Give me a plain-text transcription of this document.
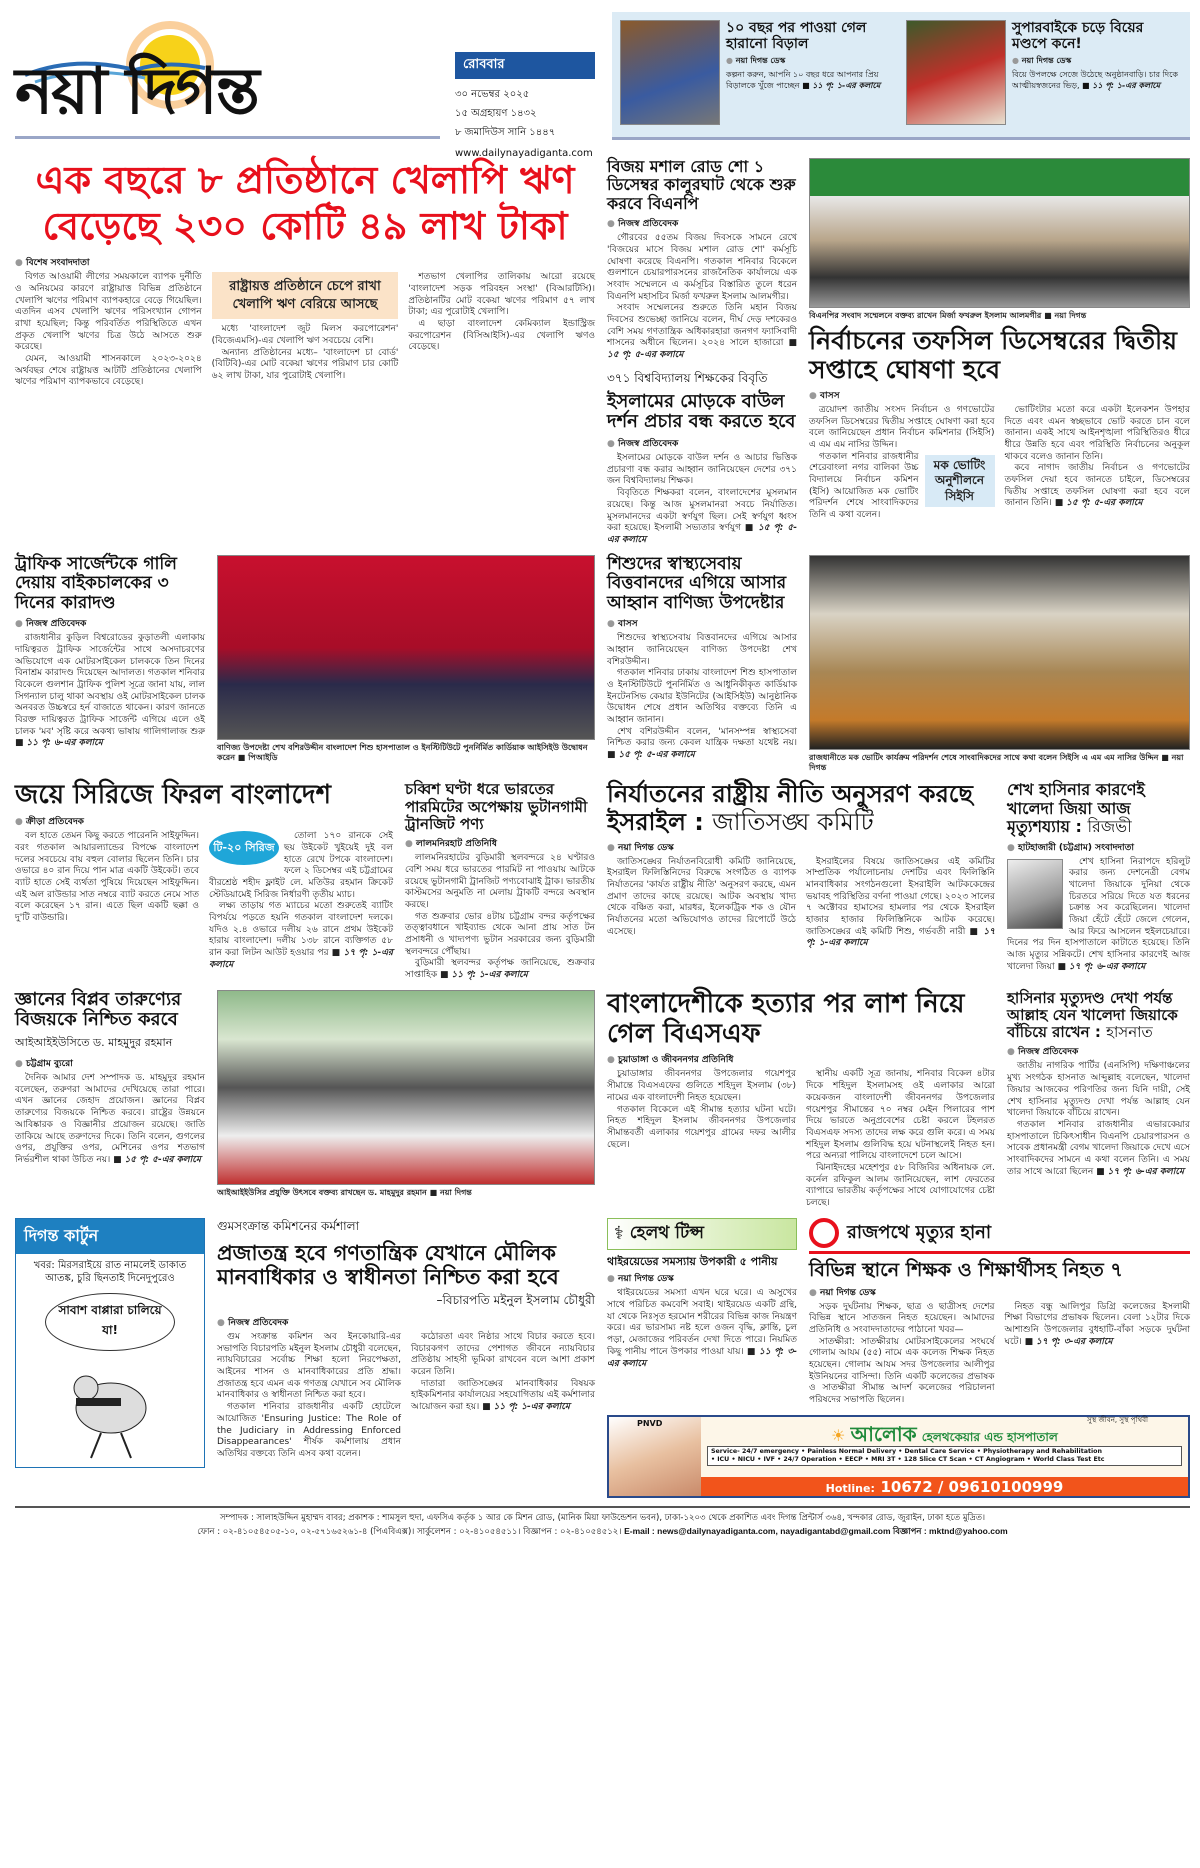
নয়া দিগন্ত	রোববার
৩০ নভেম্বর ২০২৫
১৫ অগ্রহায়ণ ১৪৩২
৮ জমাদিউস সানি ১৪৪৭
www.dailynayadiganta.com
১০ বছর পর পাওয়া গেল হারানো বিড়াল
● নয়া দিগন্ত ডেস্ক
কল্পনা করুন, আপনি ১০ বছর ধরে আপনার প্রিয় বিড়ালকে খুঁজে পাচ্ছেন ■ ১১ পৃ: ১-এর কলামে
সুপারবাইকে চড়ে বিয়ের মণ্ডপে কনে!
● নয়া দিগন্ত ডেস্ক
বিয়ে উপলক্ষে সেজে উঠেছে অনুষ্ঠানবাড়ি। চার দিকে আত্মীয়স্বজনের ভিড়, ■ ১১ পৃ: ১-এর কলামে
এক বছরে ৮ প্রতিষ্ঠানে খেলাপি ঋণ বেড়েছে ২৩০ কোটি ৪৯ লাখ টাকা
● বিশেষ সংবাদদাতা

বিগত আওয়ামী লীগের সময়কালে ব্যাপক দুর্নীতি ও অনিয়মের কারণে রাষ্ট্রায়াত্ত বিভিন্ন প্রতিষ্ঠানে খেলাপি ঋণের পরিমাণ ব্যাপকহারে বেড়ে গিয়েছিল। এতদিন এসব খেলাপি ঋণের পরিসংখ্যান গোপন রাখা হয়েছিল; কিন্তু পরিবর্তিত পরিস্থিতিতে এখন প্রকৃত খেলাপি ঋণের চিত্র উঠে আসতে শুরু করেছে।

যেমন, আওয়ামী শাসনকালে ২০২৩-২০২৪ অর্থবছর শেষে রাষ্ট্রায়ত্ত আটটি প্রতিষ্ঠানের খেলাপি ঋণের পরিমাণ ব্যাপকভাবে বেড়েছে।

রাষ্ট্রায়ত্ত প্রতিষ্ঠানে চেপে রাখা খেলাপি ঋণ বেরিয়ে আসছে

মধ্যে 'বাংলাদেশ জুট মিলস করপোরেশন' (বিজেএমসি)-এর খেলাপি ঋণ সবচেয়ে বেশি।

অন্যান্য প্রতিষ্ঠানের মধ্যে– 'বাংলাদেশ চা বোর্ড' (বিটিবি)-এর মোট বকেয়া ঋণের পরিমাণ চার কোটি ৬২ লাখ টাকা, যার পুরোটাই খেলাপি।

শতভাগ খেলাপির তালিকায় আরো রয়েছে 'বাংলাদেশ সড়ক পরিবহন সংস্থা' (বিআরটিসি)। প্রতিষ্ঠানটির মোট বকেয়া ঋণের পরিমাণ ৫৭ লাখ টাকা; এর পুরোটাই খেলাপি।

এ ছাড়া বাংলাদেশ কেমিক্যাল ইন্ডাস্ট্রিজ করপোরেশন (বিসিআইসি)-এর খেলাপি ঋণও বেড়েছে।

বিজয় মশাল রোড শো ১ ডিসেম্বর কালুরঘাট থেকে শুরু করবে বিএনপি
● নিজস্ব প্রতিবেদক

গৌরবের ৫৫তম বিজয় দিবসকে সামনে রেখে 'বিজয়ের মাসে বিজয় মশাল রোড শো' কর্মসূচি ঘোষণা করেছে বিএনপি। গতকাল শনিবার বিকেলে গুলশানে চেয়ারপারসনের রাজনৈতিক কার্যালয়ে এক সংবাদ সম্মেলনে এ কর্মসূচির বিস্তারিত তুলে ধরেন বিএনপি মহাসচিব মির্জা ফখরুল ইসলাম আলমগীর।

সংবাদ সম্মেলনের শুরুতে তিনি মহান বিজয় দিবসের শুভেচ্ছা জানিয়ে বলেন, দীর্ঘ দেড় দশকেরও বেশি সময় গণতান্ত্রিক অধিকারহারা জনগণ ফ্যাসিবাদী শাসনের অধীনে ছিলেন। ২০২৪ সালে হাজারো ■ ১৫ পৃ: ৫-এর কলামে

৩৭১ বিশ্ববিদ্যালয় শিক্ষকের বিবৃতি
ইসলামের মোড়কে বাউল দর্শন প্রচার বন্ধ করতে হবে
● নিজস্ব প্রতিবেদক

ইসলামের মোড়কে বাউল দর্শন ও আচার ভিত্তিক প্রচারণা বন্ধ করার আহ্বান জানিয়েছেন দেশের ৩৭১ জন বিশ্ববিদ্যালয় শিক্ষক।

বিবৃতিতে শিক্ষকরা বলেন, বাংলাদেশের মুসলমান রয়েছে। কিন্তু আজ মুসলমানরা সবচে নির্যাতিত। মুসলমানদের একটা স্বর্ণযুগ ছিল। সেই স্বর্ণযুগ ধ্বংস করা হয়েছে। ইসলামী সভ্যতার স্বর্ণযুগ ■ ১৫ পৃ: ৫-এর কলামে

বিএনপির সংবাদ সম্মেলনে বক্তব্য রাখেন মির্জা ফখরুল ইসলাম আলমগীর ■ নয়া দিগন্ত
নির্বাচনের তফসিল ডিসেম্বরের দ্বিতীয় সপ্তাহে ঘোষণা হবে
● বাসস

ত্রয়োদশ জাতীয় সংসদ নির্বাচন ও গণভোটের তফসিল ডিসেম্বরের দ্বিতীয় সপ্তাহে ঘোষণা করা হবে বলে জানিয়েছেন প্রধান নির্বাচন কমিশনার (সিইসি) এ এম এম নাসির উদ্দিন।

মক ভোটিং অনুশীলনে সিইসি

গতকাল শনিবার রাজধানীর শেরেবাংলা নগর বালিকা উচ্চ বিদ্যালয়ে নির্বাচন কমিশন (ইসি) আয়োজিত মক ভোটিং পরিদর্শন শেষে সাংবাদিকদের তিনি এ কথা বলেন।

ভোটিংটার মতো করে একটা ইলেকশন উপহার দিতে এবং এমন স্বচ্ছভাবে ভোট করতে চান বলে জানান। একই সাথে আইনশৃঙ্খলা পরিস্থিতিরও ধীরে ধীরে উন্নতি হবে এবং পরিস্থিতি নির্বাচনের অনুকূল থাকবে বলেও জানান তিনি।

কবে নাগাদ জাতীয় নির্বাচন ও গণভোটের তফসিল দেয়া হবে জানতে চাইলে, ডিসেম্বরের দ্বিতীয় সপ্তাহে তফসিল ঘোষণা করা হবে বলে জানান তিনি। ■ ১৫ পৃ: ৫-এর কলামে

ট্রাফিক সার্জেন্টকে গালি দেয়ায় বাইকচালকের ৩ দিনের কারাদণ্ড
● নিজস্ব প্রতিবেদক

রাজধানীর কুড়িল বিশ্বরোডের কুড়াতলী এলাকায় দায়িত্বরত ট্রাফিক সার্জেন্টের সাথে অসদাচরণের অভিযোগে এক মোটরসাইকেল চালককে তিন দিনের বিনাশ্রম কারাদণ্ড দিয়েছেন আদালত। গতকাল শনিবার বিকেলে গুলশান ট্রাফিক পুলিশ সূত্রে জানা যায়, লাল সিগন্যাল চালু থাকা অবস্থায় ওই মোটরসাইকেল চালক অনবরত উচ্চস্বরে হর্ন বাজাতে থাকেন। কারণ জানতে বিরক্ত দায়িত্বরত ট্রাফিক সার্জেন্ট এগিয়ে এলে ওই চালক 'মব' সৃষ্টি করে অকথ্য ভাষায় গালিগালাজ শুরু ■ ১১ পৃ: ৬-এর কলামে	বাণিজ্য উপদেষ্টা শেখ বশিরউদ্দীন বাংলাদেশ শিশু হাসপাতাল ও ইনস্টিটিউটে পুনর্নির্মিত কার্ডিয়াক আইসিইউ উদ্বোধন করেন ■ পিআইডি
শিশুদের স্বাস্থ্যসেবায় বিত্তবানদের এগিয়ে আসার আহ্বান বাণিজ্য উপদেষ্টার
● বাসস

শিশুদের স্বাস্থ্যসেবায় বিত্তবানদের এগিয়ে আসার আহ্বান জানিয়েছেন বাণিজ্য উপদেষ্টা শেখ বশিরউদ্দীন।

গতকাল শনিবার ঢাকায় বাংলাদেশ শিশু হাসপাতাল ও ইনস্টিটিউটে পুনর্নির্মিত ও আধুনিকীকৃত কার্ডিয়াক ইনটেনসিভ কেয়ার ইউনিটের (আইসিইউ) আনুষ্ঠানিক উদ্বোধন শেষে প্রধান অতিথির বক্তব্যে তিনি এ আহ্বান জানান।

শেখ বশিরউদ্দীন বলেন, 'মানসম্পন্ন স্বাস্থ্যসেবা নিশ্চিত করার জন্য কেবল যান্ত্রিক দক্ষতা যথেষ্ট নয়। ■ ১৫ পৃ: ৫-এর কলামে	রাজধানীতে মক ভোটিং কার্যক্রম পরিদর্শন শেষে সাংবাদিকদের সাথে কথা বলেন সিইসি এ এম এম নাসির উদ্দিন ■ নয়া দিগন্ত
জয়ে সিরিজে ফিরল বাংলাদেশ
● ক্রীড়া প্রতিবেদক

বল হাতে তেমন কিছু করতে পারেননি সাইফুদ্দিন। বরং গতকাল আয়ারল্যান্ডের বিপক্ষে বাংলাদেশ দলের সবচেয়ে বায় বহুল বোলার ছিলেন তিনি। চার ওভারে ৪০ রান দিয়ে পান মাত্র একটি উইকেট। তবে ব্যাট হাতে সেই ব্যর্থতা পুষিয়ে দিয়েছেন সাইফুদ্দিন। এই অল রাউন্ডার সাত নম্বরে ব্যাট করতে নেমে সাত বলে করেছেন ১৭ রান। এতে ছিল একটি ছক্কা ও দু'টি বাউন্ডারি।

টি-২০ সিরিজ

তোলা ১৭০ রানকে সেই ছয় উইকেট খুইয়েই দুই বল হাতে রেখে টপকে বাংলাদেশ। ফলে ২ ডিসেম্বর এই চট্টগ্রামের বীরশ্রেষ্ঠ শহীদ ফ্লাইট লে. মতিউর রহমান ক্রিকেট স্টেডিয়ামেই সিরিজ নির্ধারণী তৃতীয় ম্যাচ।

লক্ষ্য তাড়ায় গত ম্যাচের মতো শুরুতেই ব্যাটিং বিপর্যয়ে পড়তে হয়নি গতকাল বাংলাদেশ দলকে। যদিও ২.৪ ওভারে দলীয় ২৬ রানে প্রথম উইকেট হারায় বাংলাদেশ। দলীয় ১৩৮ রানে ব্যক্তিগত ৫৮ রান করা লিটন আউট হওয়ার পর ■ ১৭ পৃ: ১-এর কলামে

চব্বিশ ঘণ্টা ধরে ভারতের পারমিটের অপেক্ষায় ভুটানগামী ট্রানজিট পণ্য
● লালমনিরহাট প্রতিনিধি

লালমনিরহাটের বুড়িমারী স্থলবন্দরে ২৪ ঘণ্টারও বেশি সময় ধরে ভারতের পারমিট না পাওয়ায় আটকে রয়েছে ভুটানগামী ট্রানজিট পণ্যবোঝাই ট্রাক। ভারতীয় কাস্টমসের অনুমতি না মেলায় ট্রাকটি বন্দরে অবস্থান করছে।

গত শুক্রবার ভোর ৪টায় চট্টগ্রাম বন্দর কর্তৃপক্ষের তত্ত্বাবধানে খাইব্যান্ড থেকে আনা প্রায় সাত টন প্রসাধনী ও খাদ্যপণ্য ভুটান সরকারের জন্য বুড়িমারী স্থলবন্দরে পৌঁছায়।

বুড়িমারী স্থলবন্দর কর্তৃপক্ষ জানিয়েছে, শুক্রবার সাপ্তাহিক ■ ১১ পৃ: ১-এর কলামে

নির্যাতনের রাষ্ট্রীয় নীতি অনুসরণ করছে ইসরাইল : জাতিসঙ্ঘ কমিটি
● নয়া দিগন্ত ডেস্ক

জাতিসঙ্ঘের নির্যাতনবিরোধী কমিটি জানিয়েছে, ইসরাইল ফিলিস্তিনিদের বিরুদ্ধে সংগঠিত ও ব্যাপক নির্যাতনের 'কার্যত রাষ্ট্রীয় নীতি' অনুসরণ করছে, এমন প্রমাণ তাদের কাছে রয়েছে। আটক অবস্থায় খাদ্য থেকে বঞ্চিত করা, মারধর, ইলেকট্রিক শক ও যৌন নির্যাতনের মতো অভিযোগও তাদের রিপোর্টে উঠে এসেছে।

ইসরাইলের বিষয়ে জাতিসঙ্ঘের এই কমিটির সাম্প্রতিক পর্যালোচনায় দেশটির এবং ফিলিস্তিনি মানবাধিকার সংগঠনগুলো ইসরাইলি আটককেন্দ্রের ভয়াবহ পরিস্থিতির বর্ণনা পাওয়া গেছে। ২০২৩ সালের ৭ অক্টোবর হামাসের হামলার পর থেকে ইসরাইল হাজার হাজার ফিলিস্তিনিকে আটক করেছে। জাতিসঙ্ঘের এই কমিটি শিশু, গর্ভবতী নারী ■ ১৭ পৃ: ১-এর কলামে

শেখ হাসিনার কারণেই খালেদা জিয়া আজ মৃত্যুশয্যায় : রিজভী
● হাটহাজারী (চট্টগ্রাম) সংবাদদাতা

শেখ হাসিনা নিরাপদে হরিলুট করার জন্য দেশনেত্রী বেগম খালেদা জিয়াকে দুনিয়া থেকে চিরতরে সরিয়ে দিতে যত ধরনের চক্রান্ত সব করেছিলেন। খালেদা জিয়া হেঁটে হেঁটে জেলে গেলেন, আর ফিরে আসলেন হুইলচেয়ারে। দিনের পর দিন হাসপাতালে কাটাতে হয়েছে। তিনি আজ মৃত্যুর সন্নিকটে। শেখ হাসিনার কারণেই আজ খালেদা জিয়া ■ ১৭ পৃ: ৬-এর কলামে

জ্ঞানের বিপ্লব তারুণ্যের বিজয়কে নিশ্চিত করবে
আইআইইউসিতে ড. মাহমুদুর রহমান
● চট্টগ্রাম ব্যুরো

দৈনিক আমার দেশ সম্পাদক ড. মাহমুদুর রহমান বলেছেন, তরুণরা আমাদের দেখিয়েছে তারা পারে। এখন জ্ঞানের জেহাদ প্রয়োজন। জ্ঞানের বিপ্লব তারুণ্যের বিজয়কে নিশ্চিত করবে। রাষ্ট্রের উন্নয়নে আবিষ্কারক ও বিজ্ঞানীর প্রয়োজন রয়েছে। জাতি তাকিয়ে আছে তরুণদের দিকে। তিনি বলেন, গুগলের ওপর, প্রযুক্তির ওপর, মেশিনের ওপর শতভাগ নির্ভরশীল থাকা উচিত নয়। ■ ১৫ পৃ: ৫-এর কলামে

আইআইইউসির প্রযুক্তি উৎসবে বক্তব্য রাখছেন ড. মাহমুদুর রহমান ■ নয়া দিগন্ত
বাংলাদেশীকে হত্যার পর লাশ নিয়ে গেল বিএসএফ
● চুয়াডাঙ্গা ও জীবননগর প্রতিনিধি

চুয়াডাঙ্গার জীবননগর উপজেলার গয়েশপুর সীমান্তে বিএসএফের গুলিতে শহিদুল ইসলাম (৩৮) নামের এক বাংলাদেশী নিহত হয়েছেন।

গতকাল বিকেলে এই সীমান্ত হত্যার ঘটনা ঘটে। নিহত শহিদুল ইসলাম জীবননগর উপজেলার সীমান্তবর্তী এলাকার গয়েশপুর গ্রামের দফর আলীর ছেলে।

স্থানীয় একটি সূত্র জানায়, শনিবার বিকেল ৪টার দিকে শহিদুল ইসলামসহ ওই এলাকার আরো কয়েকজন বাংলাদেশী জীবননগর উপজেলার গয়েশপুর সীমান্তের ৭০ নম্বর মেইন পিলারের পাশ দিয়ে ভারতে অনুপ্রবেশের চেষ্টা করলে টহলরত বিএসএফ সদস্য তাদের লক্ষ করে গুলি করে। এ সময় শহিদুল ইসলাম গুলিবিদ্ধ হয়ে ঘটনাস্থলেই নিহত হন। পরে অন্যরা পালিয়ে বাংলাদেশে চলে আসে।

ঝিনাইদহের মহেশপুর ৫৮ বিজিবির অধিনায়ক লে. কর্নেল রফিকুল আলম জানিয়েছেন, লাশ ফেরতের ব্যাপারে ভারতীয় কর্তৃপক্ষের সাথে যোগাযোগের চেষ্টা চলছে।

হাসিনার মৃত্যুদণ্ড দেখা পর্যন্ত আল্লাহ যেন খালেদা জিয়াকে বাঁচিয়ে রাখেন : হাসনাত
● নিজস্ব প্রতিবেদক

জাতীয় নাগরিক পার্টির (এনসিপি) দক্ষিণাঞ্চলের মুখ্য সংগঠক হাসনাত আব্দুল্লাহ বলেছেন, খালেদা জিয়ার আজকের পরিণতির জন্য যিনি দায়ী, সেই শেখ হাসিনার মৃত্যুদণ্ড দেখা পর্যন্ত আল্লাহ যেন খালেদা জিয়াকে বাঁচিয়ে রাখেন।

গতকাল শনিবার রাজধানীর এভারকেয়ার হাসপাতালে চিকিৎসাধীন বিএনপি চেয়ারপারসন ও সাবেক প্রধানমন্ত্রী বেগম খালেদা জিয়াকে দেখে এসে সাংবাদিকদের সামনে এ কথা বলেন তিনি। এ সময় তার সাথে আরো ছিলেন ■ ১৭ পৃ: ৬-এর কলামে

দিগন্ত কার্টুন
খবর: মিরসরাইয়ে রাত নামলেই ডাকাত আতঙ্ক, চুরি ছিনতাই দিনেদুপুরেও
সাবাশ বাপ্পারা চালিয়ে যা!
গুমসংক্রান্ত কমিশনের কর্মশালা
প্রজাতন্ত্র হবে গণতান্ত্রিক যেখানে মৌলিক মানবাধিকার ও স্বাধীনতা নিশ্চিত করা হবে
–বিচারপতি মইনুল ইসলাম চৌধুরী
● নিজস্ব প্রতিবেদক

গুম সংক্রান্ত কমিশন অব ইনকোয়ারি-এর সভাপতি বিচারপতি মইনুল ইসলাম চৌধুরী বলেছেন, ন্যায়বিচারের সর্বোচ্চ শিক্ষা হলো নিরপেক্ষতা, আইনের শাসন ও মানবাধিকারের প্রতি শ্রদ্ধা। প্রজাতন্ত্র হবে এমন এক গণতন্ত্র যেখানে সব মৌলিক মানবাধিকার ও স্বাধীনতা নিশ্চিত করা হবে।

গতকাল শনিবার রাজধানীর একটি হোটেলে আয়োজিত 'Ensuring Justice: The Role of the Judiciary in Addressing Enforced Disappearances' শীর্ষক কর্মশালায় প্রধান অতিথির বক্তব্যে তিনি এসব কথা বলেন।

কঠোরতা এবং নিষ্ঠার সাথে বিচার করতে হবে। বিচারকগণ তাদের পেশাগত জীবনে ন্যায়বিচার প্রতিষ্ঠায় সাহসী ভূমিকা রাখবেন বলে আশা প্রকাশ করেন তিনি।

দাতারা জাতিসঙ্ঘের মানবাধিকার বিষয়ক হাইকমিশনার কার্যালয়ের সহযোগিতায় এই কর্মশালার আয়োজন করা হয়। ■ ১১ পৃ: ১-এর কলামে

⚕ হেলথ টিপ্স
থাইরয়েডের সমস্যায় উপকারী ৫ পানীয়
● নয়া দিগন্ত ডেস্ক

থাইরয়েডের সমস্যা এখন ঘরে ঘরে। এ অসুখের সাথে পরিচিত কমবেশি সবাই। থাইরয়েড একটি গ্রন্থি, যা থেকে নিঃসৃত হরমোন শরীরের বিভিন্ন কাজ নিয়ন্ত্রণ করে। এর ভারসাম্য নষ্ট হলে ওজন বৃদ্ধি, ক্লান্তি, চুল পড়া, মেজাজের পরিবর্তন দেখা দিতে পারে। নিয়মিত কিছু পানীয় পানে উপকার পাওয়া যায়। ■ ১১ পৃ: ৩-এর কলামে

রাজপথে মৃত্যুর হানা
বিভিন্ন স্থানে শিক্ষক ও শিক্ষার্থীসহ নিহত ৭
● নয়া দিগন্ত ডেস্ক

সড়ক দুর্ঘটনায় শিক্ষক, ছাত্র ও ছাত্রীসহ দেশের বিভিন্ন স্থানে সাতজন নিহত হয়েছেন। আমাদের প্রতিনিধি ও সংবাদদাতাদের পাঠানো খবর—

সাতক্ষীরা: সাতক্ষীরায় মোটরসাইকেলের সংঘর্ষে গোলাম আযম (৫৫) নামে এক কলেজ শিক্ষক নিহত হয়েছেন। গোলাম আযম সদর উপজেলার আলীপুর ইউনিয়নের বাসিন্দা। তিনি একটি কলেজের প্রভাষক ও সাতক্ষীরা সীমান্ত আদর্শ কলেজের পরিচালনা পরিষদের সভাপতি ছিলেন।

নিহত বন্ধু আলিপুর ডিগ্রি কলেজের ইসলামী শিক্ষা বিভাগের প্রভাষক ছিলেন। বেলা ১২টার দিকে আশাশুনি উপজেলার বুধহাটি-বাঁকা সড়কে দুর্ঘটনা ঘটে। ■ ১৭ পৃ: ৩-এর কলামে

PNVD	সুস্থ জীবন, সুস্থ পৃথিবী
☀ আলোক হেলথকেয়ার এন্ড হাসপাতাল
Service- 24/7 emergency • Painless Normal Delivery • Dental Care Service • Physiotherapy and Rehabilitation
• ICU • NICU • IVF • 24/7 Operation • EECP • MRI 3T • 128 Slice CT Scan • CT Angiogram • World Class Test Etc
Hotline: 10672 / 09610100999
সম্পাদক : সালাহউদ্দিন মুহাম্মদ বাবর; প্রকাশক : শামসুল হুদা, এফসিএ কর্তৃক ১ আর কে মিশন রোড, (মানিক মিয়া ফাউন্ডেশন ভবন), ঢাকা-১২০৩ থেকে প্রকাশিত এবং দিগন্ত প্রিন্টার্স ৩৬৪, খন্দকার রোড, জুরাইন, ঢাকা হতে মুদ্রিত।
ফোন : ০২-৪১০৫৪৫০৫-১০, ০২-৫৭১৬৫২৬১-৪ (পিএবিএক্স)। সার্কুলেশন : ০২-৪১০৫৪৫১১। বিজ্ঞাপন : ০২-৪১০৫৪৫১২। E-mail : news@dailynayadiganta.com, nayadigantabd@gmail.com বিজ্ঞাপন : mktnd@yahoo.com
